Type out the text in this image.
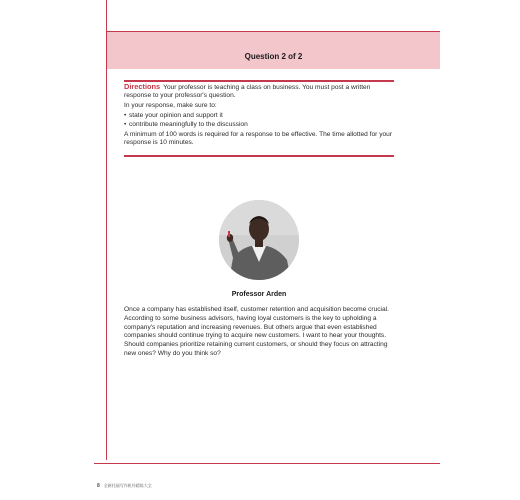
Question 2 of 2

Directions Your professor is teaching a class on business. You must post a written response to your professor's question.

In your response, make sure to:

• state your opinion and support it
• contribute meaningfully to the discussion

A minimum of 100 words is required for a response to be effective. The time allotted for your response is 10 minutes.

Professor Arden
Once a company has established itself, customer retention and acquisition become crucial. According to some business advisors, having loyal customers is the key to upholding a company's reputation and increasing revenues. But others argue that even established companies should continue trying to acquire new customers. I want to hear your thoughts. Should companies prioritize retaining current customers, or should they focus on attracting new ones? Why do you think so?
8 全新托福写作机经精练大全
